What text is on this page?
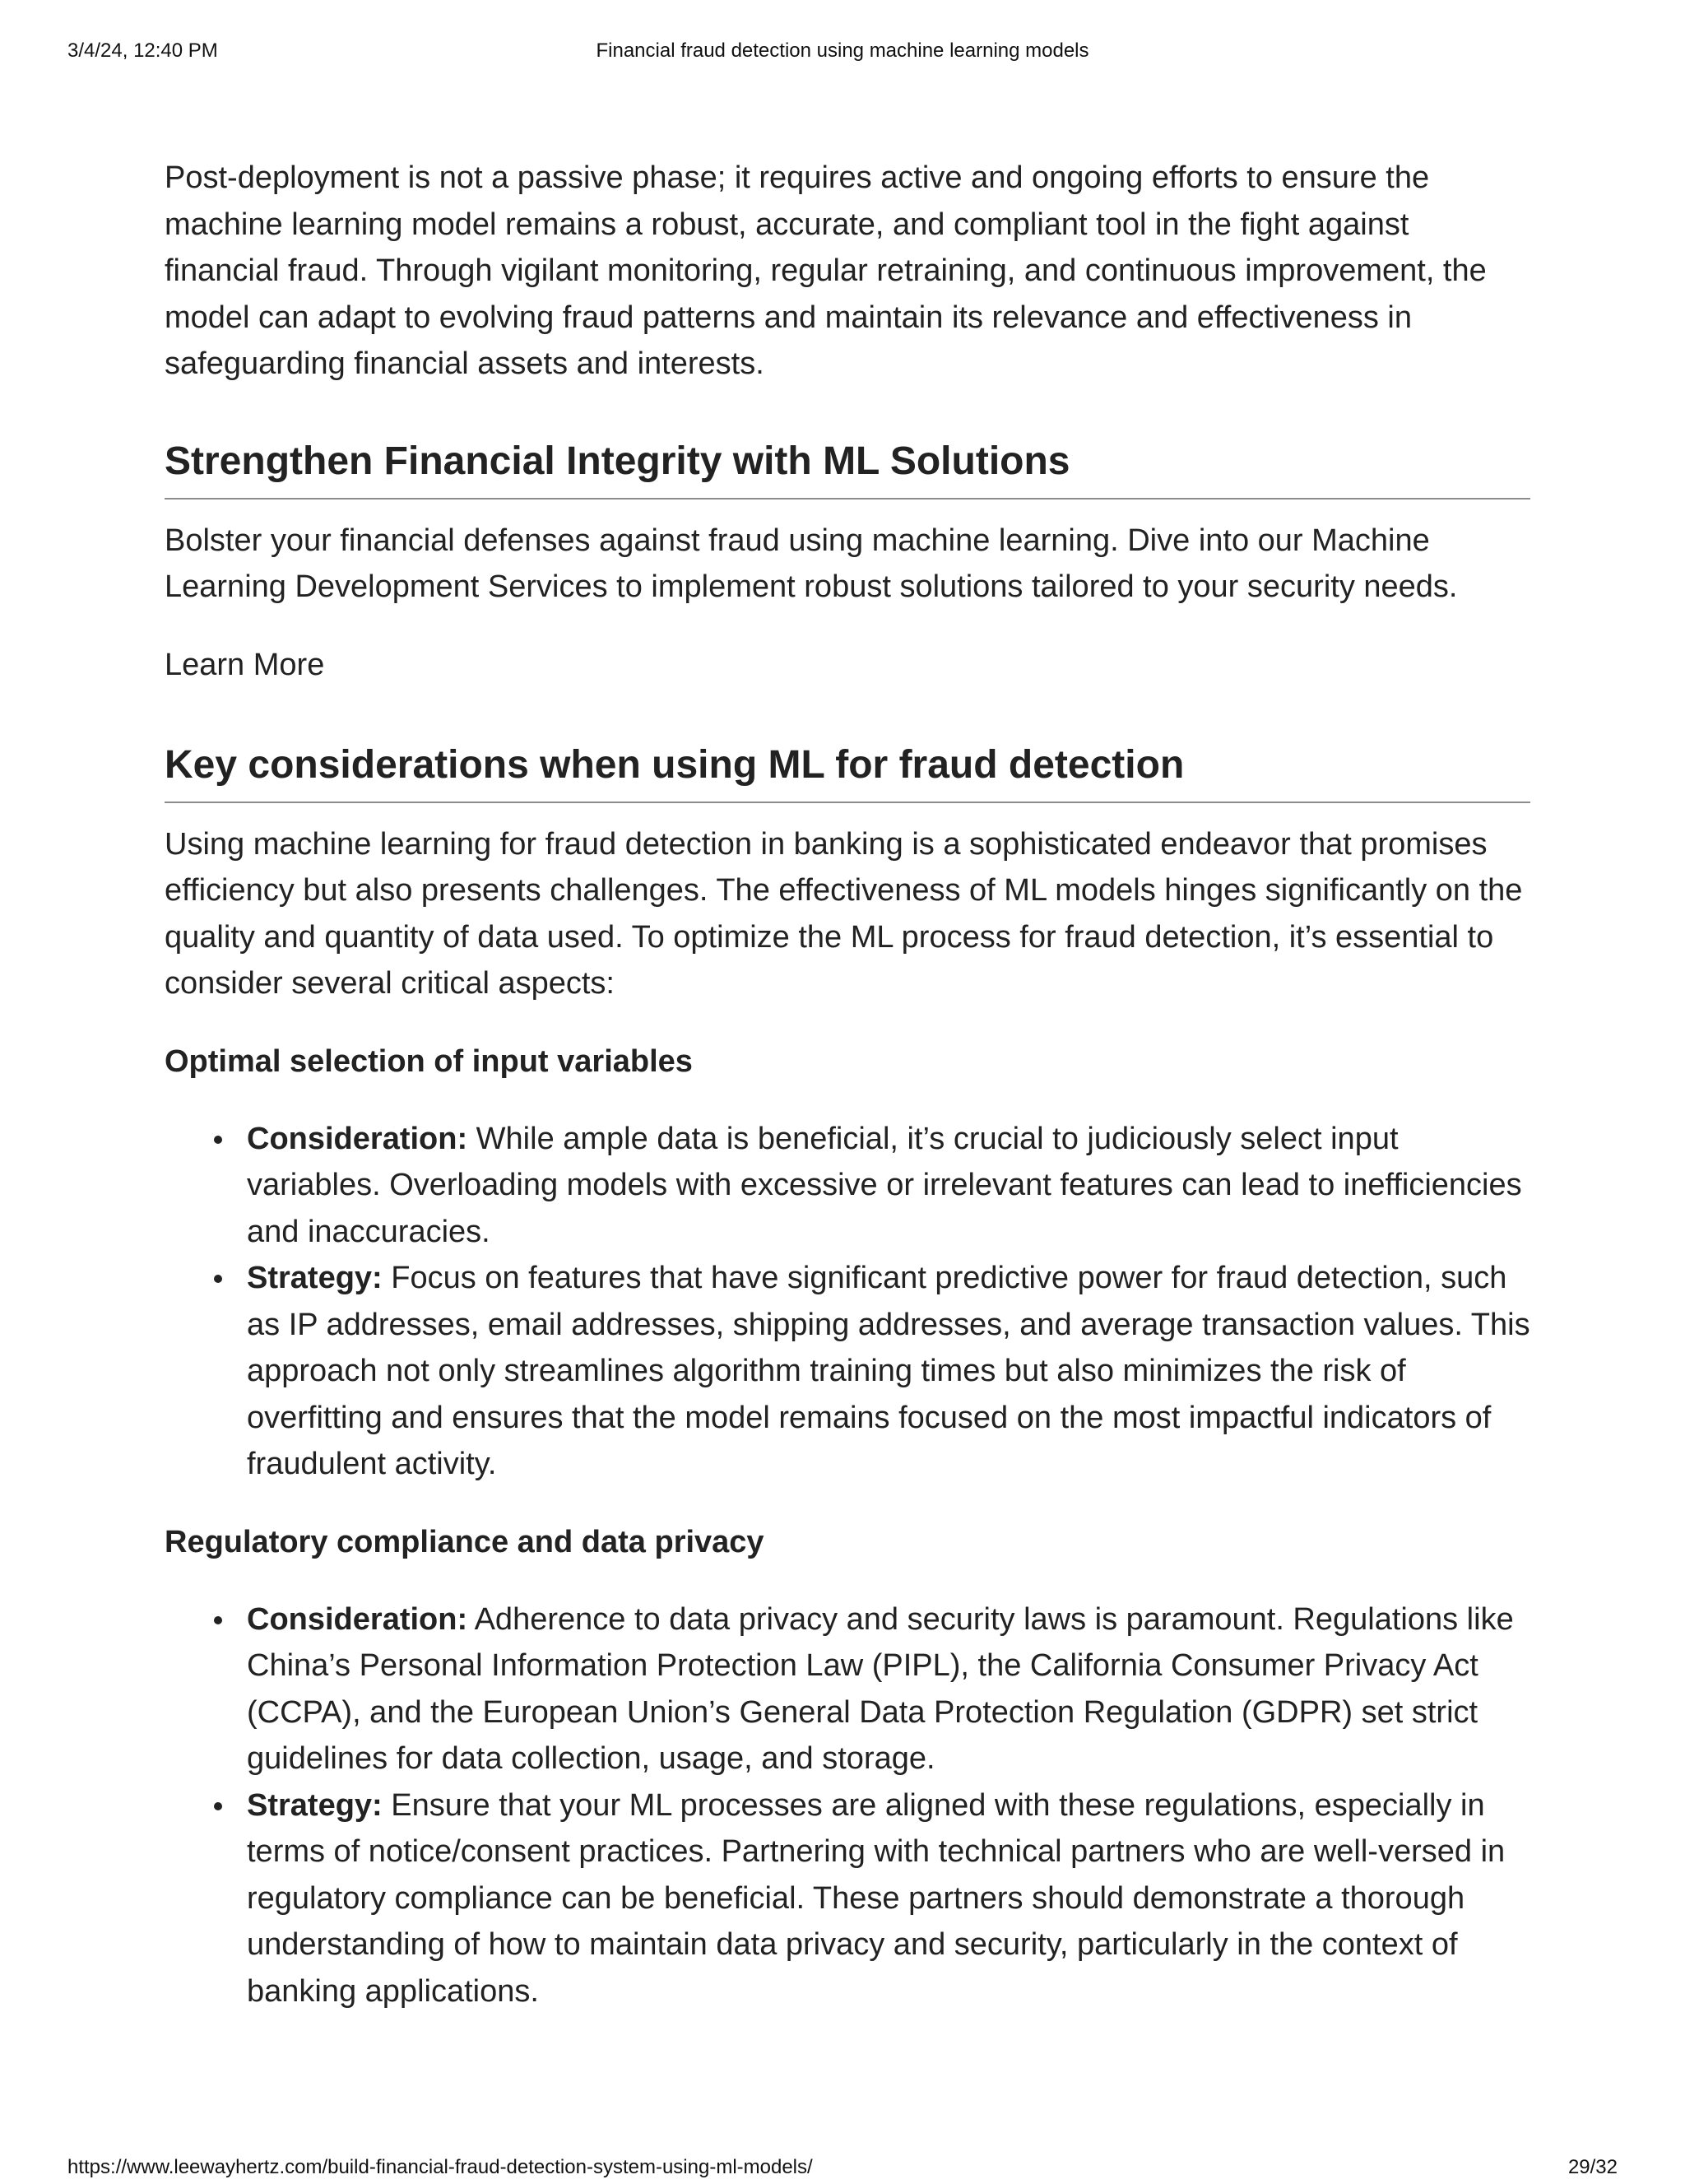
3/4/24, 12:40 PM	Financial fraud detection using machine learning models

Post-deployment is not a passive phase; it requires active and ongoing efforts to ensure the machine learning model remains a robust, accurate, and compliant tool in the fight against financial fraud. Through vigilant monitoring, regular retraining, and continuous improvement, the model can adapt to evolving fraud patterns and maintain its relevance and effectiveness in safeguarding financial assets and interests.

Strengthen Financial Integrity with ML Solutions

Bolster your financial defenses against fraud using machine learning. Dive into our Machine Learning Development Services to implement robust solutions tailored to your security needs.

Learn More
Key considerations when using ML for fraud detection

Using machine learning for fraud detection in banking is a sophisticated endeavor that promises efficiency but also presents challenges. The effectiveness of ML models hinges significantly on the quality and quantity of data used. To optimize the ML process for fraud detection, it’s essential to consider several critical aspects:

Optimal selection of input variables
Consideration: While ample data is beneficial, it’s crucial to judiciously select input variables. Overloading models with excessive or irrelevant features can lead to inefficiencies and inaccuracies.
Strategy: Focus on features that have significant predictive power for fraud detection, such as IP addresses, email addresses, shipping addresses, and average transaction values. This approach not only streamlines algorithm training times but also minimizes the risk of overfitting and ensures that the model remains focused on the most impactful indicators of fraudulent activity.
Regulatory compliance and data privacy
Consideration: Adherence to data privacy and security laws is paramount. Regulations like China’s Personal Information Protection Law (PIPL), the California Consumer Privacy Act (CCPA), and the European Union’s General Data Protection Regulation (GDPR) set strict guidelines for data collection, usage, and storage.
Strategy: Ensure that your ML processes are aligned with these regulations, especially in terms of notice/consent practices. Partnering with technical partners who are well-versed in regulatory compliance can be beneficial. These partners should demonstrate a thorough understanding of how to maintain data privacy and security, particularly in the context of banking applications.
https://www.leewayhertz.com/build-financial-fraud-detection-system-using-ml-models/	29/32
